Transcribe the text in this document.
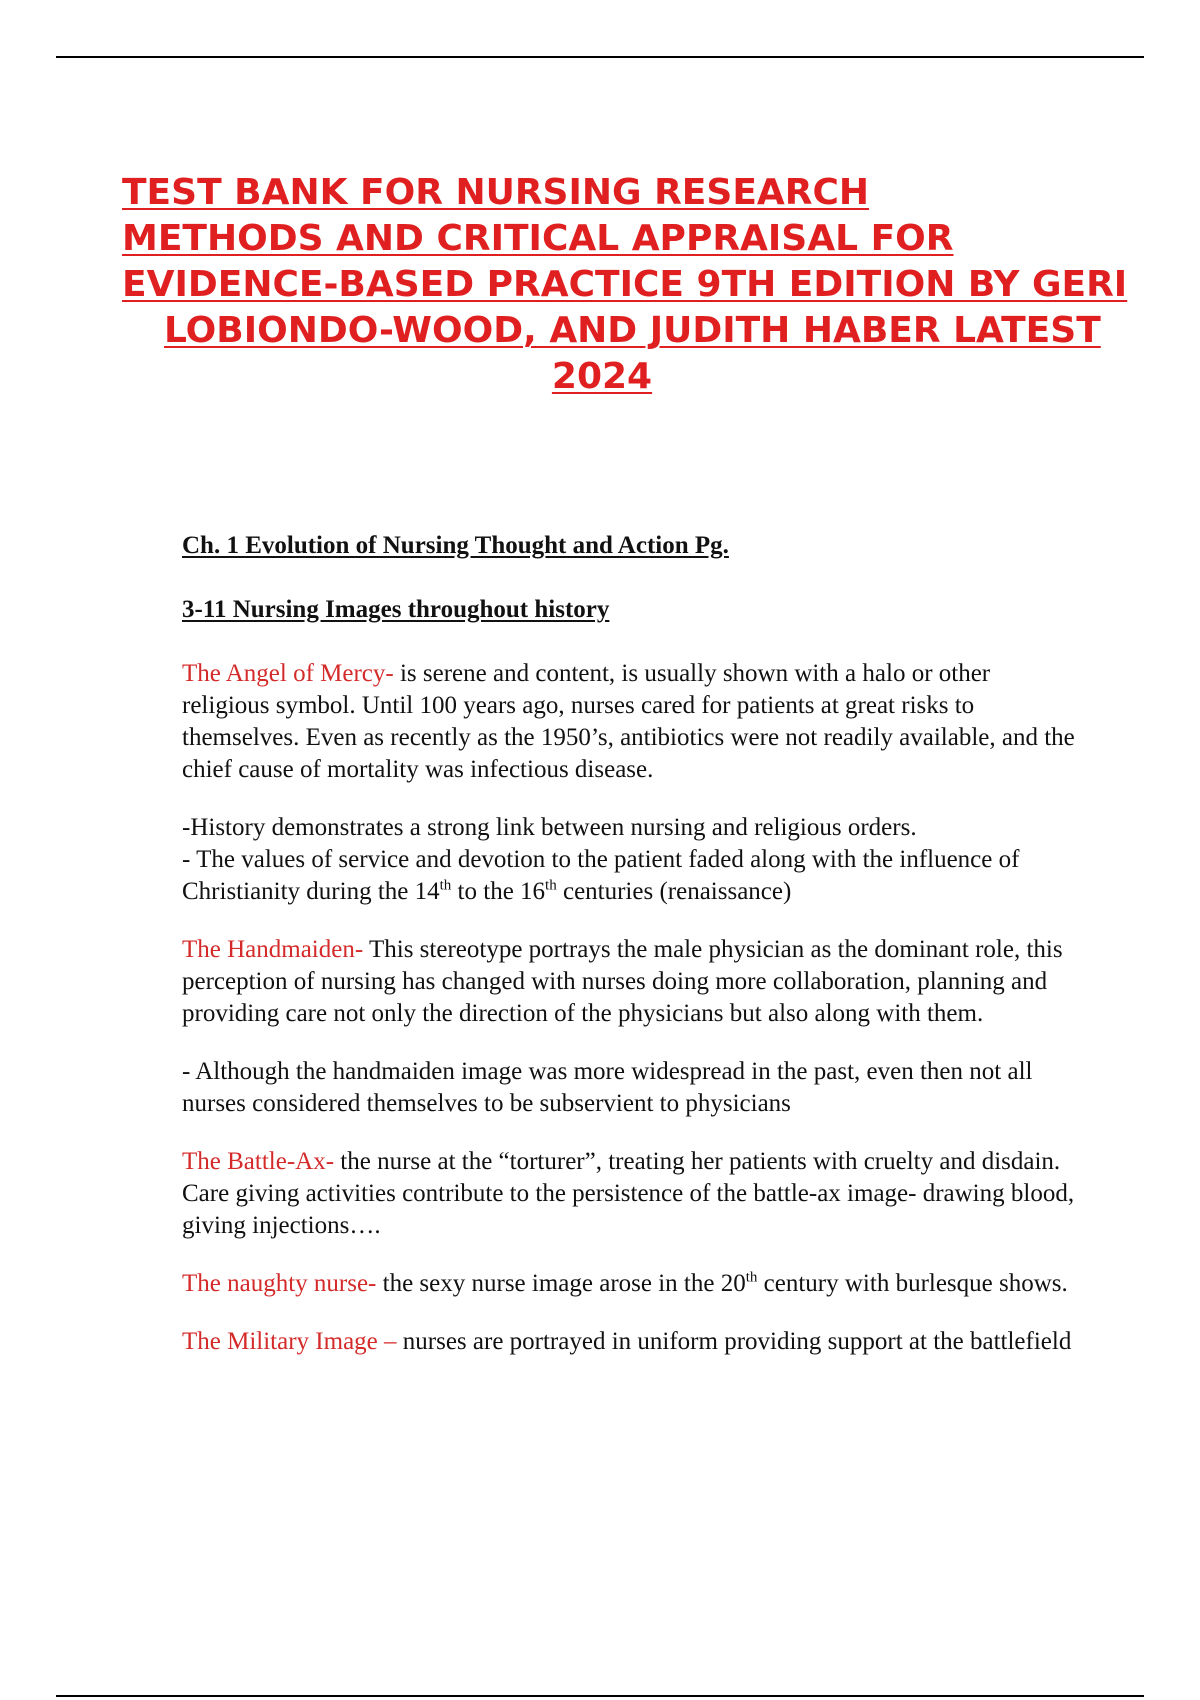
TEST BANK FOR NURSING RESEARCH
METHODS AND CRITICAL APPRAISAL FOR
EVIDENCE-BASED PRACTICE 9TH EDITION BY GERI
LOBIONDO-WOOD, AND JUDITH HABER LATEST
2024

Ch. 1 Evolution of Nursing Thought and Action Pg.

3-11 Nursing Images throughout history

The Angel of Mercy- is serene and content, is usually shown with a halo or other religious symbol. Until 100 years ago, nurses cared for patients at great risks to themselves. Even as recently as the 1950’s, antibiotics were not readily available, and the chief cause of mortality was infectious disease.

-History demonstrates a strong link between nursing and religious orders.
- The values of service and devotion to the patient faded along with the influence of Christianity during the 14th to the 16th centuries (renaissance)

The Handmaiden- This stereotype portrays the male physician as the dominant role, this perception of nursing has changed with nurses doing more collaboration, planning and providing care not only the direction of the physicians but also along with them.

- Although the handmaiden image was more widespread in the past, even then not all nurses considered themselves to be subservient to physicians

The Battle-Ax- the nurse at the “torturer”, treating her patients with cruelty and disdain. Care giving activities contribute to the persistence of the battle-ax image- drawing blood, giving injections….

The naughty nurse- the sexy nurse image arose in the 20th century with burlesque shows.

The Military Image – nurses are portrayed in uniform providing support at the battlefield
